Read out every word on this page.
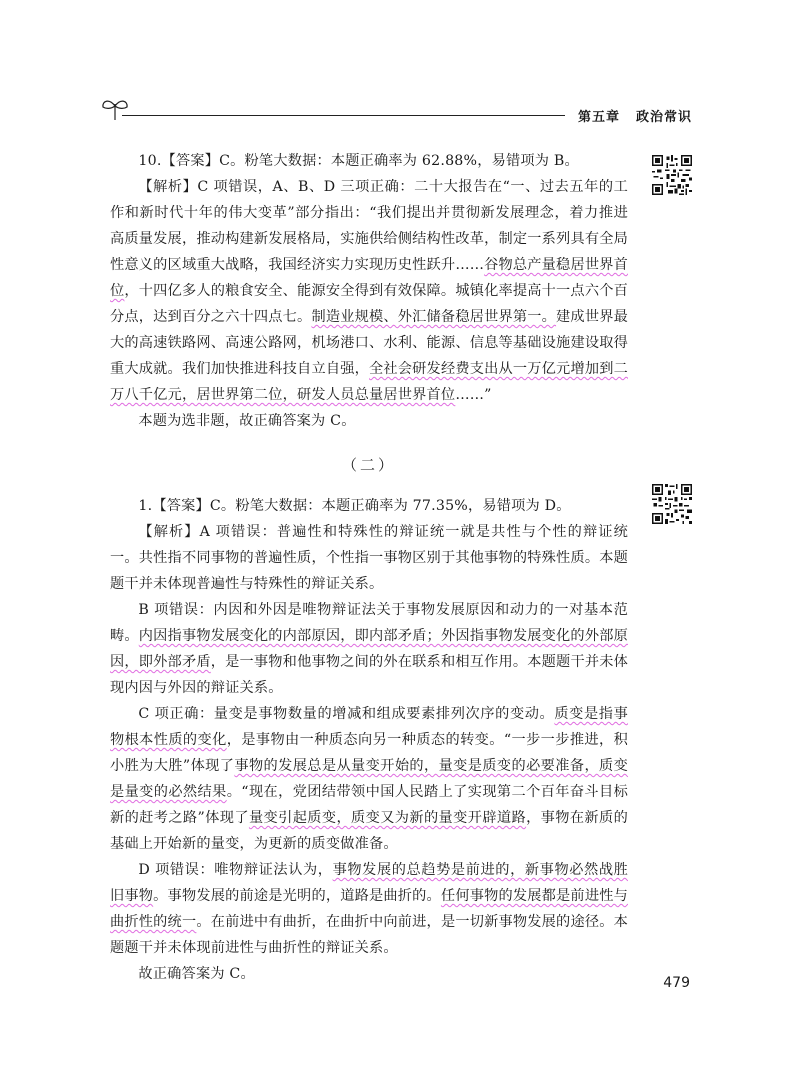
第五章 政治常识

10.【答案】C。粉笔大数据：本题正确率为 62.88%，易错项为 B。

【解析】C 项错误，A、B、D 三项正确：二十大报告在“一、过去五年的工作和新时代十年的伟大变革”部分指出：“我们提出并贯彻新发展理念，着力推进高质量发展，推动构建新发展格局，实施供给侧结构性改革，制定一系列具有全局性意义的区域重大战略，我国经济实力实现历史性跃升……谷物总产量稳居世界首位，十四亿多人的粮食安全、能源安全得到有效保障。城镇化率提高十一点六个百分点，达到百分之六十四点七。制造业规模、外汇储备稳居世界第一。建成世界最大的高速铁路网、高速公路网，机场港口、水利、能源、信息等基础设施建设取得重大成就。我们加快推进科技自立自强，全社会研发经费支出从一万亿元增加到二万八千亿元，居世界第二位，研发人员总量居世界首位……”

本题为选非题，故正确答案为 C。

（二）

1.【答案】C。粉笔大数据：本题正确率为 77.35%，易错项为 D。

【解析】A 项错误：普遍性和特殊性的辩证统一就是共性与个性的辩证统一。共性指不同事物的普遍性质，个性指一事物区别于其他事物的特殊性质。本题题干并未体现普遍性与特殊性的辩证关系。

B 项错误：内因和外因是唯物辩证法关于事物发展原因和动力的一对基本范畴。内因指事物发展变化的内部原因，即内部矛盾；外因指事物发展变化的外部原因，即外部矛盾，是一事物和他事物之间的外在联系和相互作用。本题题干并未体现内因与外因的辩证关系。

C 项正确：量变是事物数量的增减和组成要素排列次序的变动。质变是指事物根本性质的变化，是事物由一种质态向另一种质态的转变。“一步一步推进，积小胜为大胜”体现了事物的发展总是从量变开始的，量变是质变的必要准备，质变是量变的必然结果。“现在，党团结带领中国人民踏上了实现第二个百年奋斗目标新的赶考之路”体现了量变引起质变，质变又为新的量变开辟道路，事物在新质的基础上开始新的量变，为更新的质变做准备。

D 项错误：唯物辩证法认为，事物发展的总趋势是前进的，新事物必然战胜旧事物。事物发展的前途是光明的，道路是曲折的。任何事物的发展都是前进性与曲折性的统一。在前进中有曲折，在曲折中向前进，是一切新事物发展的途径。本题题干并未体现前进性与曲折性的辩证关系。

故正确答案为 C。

479
